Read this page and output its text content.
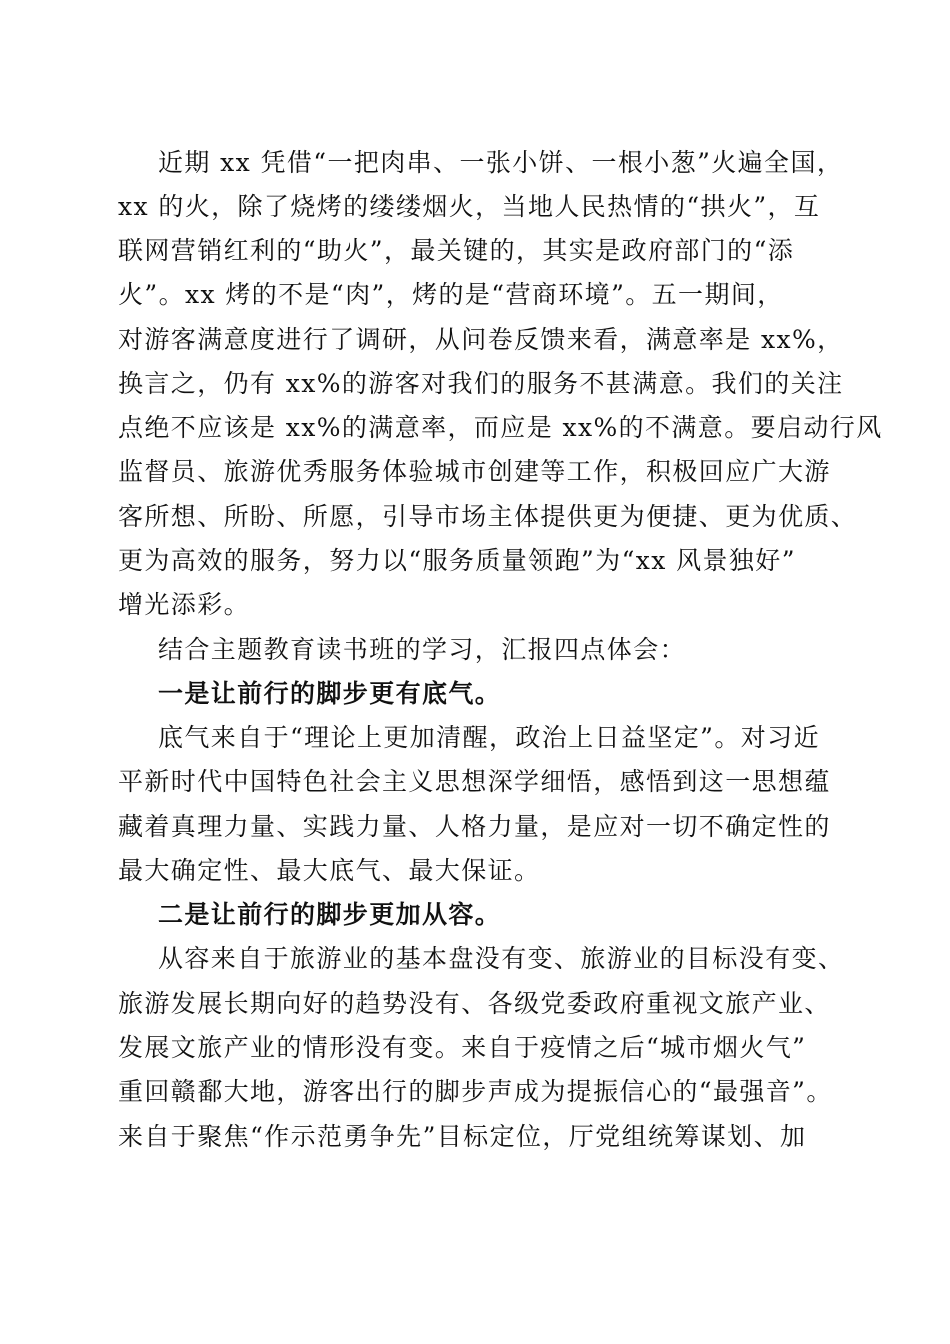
近期 xx 凭借“一把肉串、一张小饼、一根小葱”火遍全国，
xx 的火，除了烧烤的缕缕烟火，当地人民热情的“拱火”，互
联网营销红利的“助火”，最关键的，其实是政府部门的“添
火”。xx 烤的不是“肉”，烤的是“营商环境”。五一期间，
对游客满意度进行了调研，从问卷反馈来看，满意率是 xx%，
换言之，仍有 xx%的游客对我们的服务不甚满意。我们的关注
点绝不应该是 xx%的满意率，而应是 xx%的不满意。要启动行风
监督员、旅游优秀服务体验城市创建等工作，积极回应广大游
客所想、所盼、所愿，引导市场主体提供更为便捷、更为优质、
更为高效的服务，努力以“服务质量领跑”为“xx 风景独好”
增光添彩。
结合主题教育读书班的学习，汇报四点体会：
一是让前行的脚步更有底气。
底气来自于“理论上更加清醒，政治上日益坚定”。对习近
平新时代中国特色社会主义思想深学细悟，感悟到这一思想蕴
藏着真理力量、实践力量、人格力量，是应对一切不确定性的
最大确定性、最大底气、最大保证。
二是让前行的脚步更加从容。
从容来自于旅游业的基本盘没有变、旅游业的目标没有变、
旅游发展长期向好的趋势没有、各级党委政府重视文旅产业、
发展文旅产业的情形没有变。来自于疫情之后“城市烟火气”
重回赣鄱大地，游客出行的脚步声成为提振信心的“最强音”。
来自于聚焦“作示范勇争先”目标定位，厅党组统筹谋划、加
